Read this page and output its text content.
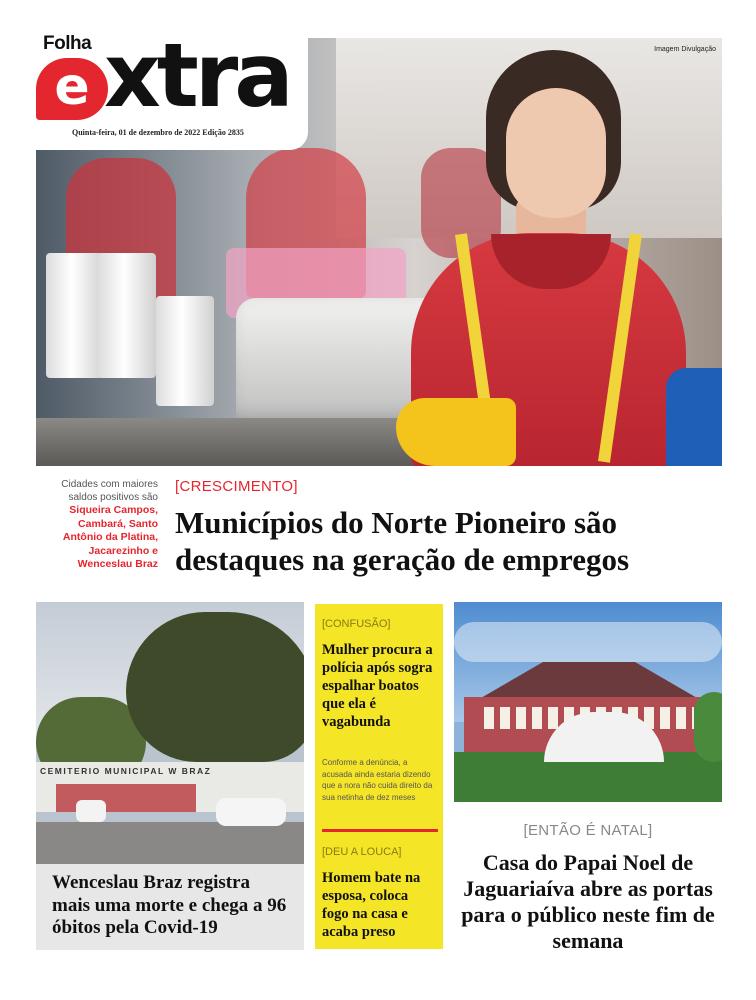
Imagem Divulgação
Folha
e xtra
Quinta-feira, 01 de dezembro de 2022 Edição 2835
Cidades com maiores saldos positivos são
Siqueira Campos, Cambará, Santo Antônio da Platina, Jacarezinho e Wenceslau Braz
[CRESCIMENTO]
Municípios do Norte Pioneiro são destaques na geração de empregos
CEMITERIO MUNICIPAL W BRAZ
Wenceslau Braz registra mais uma morte e chega a 96 óbitos pela Covid-19
[CONFUSÃO]
Mulher procura a polícia após sogra espalhar boatos que ela é vagabunda
Conforme a denúncia, a acusada ainda estaria dizendo que a nora não cuida direito da sua netinha de dez meses
[DEU A LOUCA]
Homem bate na esposa, coloca fogo na casa e acaba preso
[ENTÃO É NATAL]
Casa do Papai Noel de Jaguariaíva abre as portas para o público neste fim de semana
